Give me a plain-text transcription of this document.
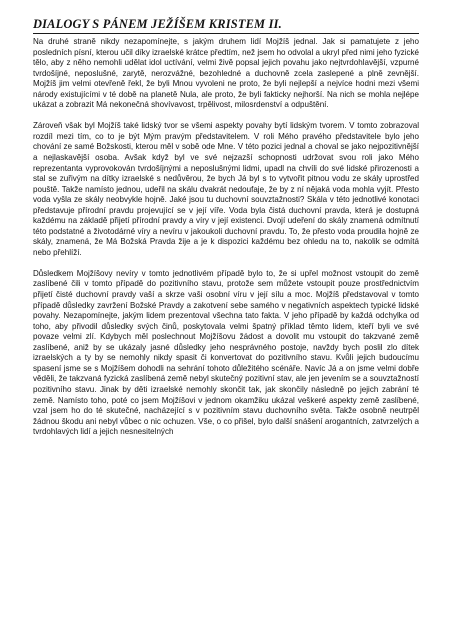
DIALOGY S PÁNEM JEŽÍŠEM KRISTEM II.

Na druhé straně nikdy nezapomínejte, s jakým druhem lidí Mojžíš jednal. Jak si pamatujete z jeho posledních písní, kterou učil díky izraelské krátce předtím, než jsem ho odvolal a ukryl před nimi jeho fyzické tělo, aby z něho nemohli udělat idol uctívání, velmi živě popsal jejich povahu jako nejtvrdohlavější, vzpurné tvrdošíjné, neposlušné, zarytě, nerozvážné, bezohledné a duchovně zcela zaslepené a plně zevnější. Mojžíš jim velmi otevřeně řekl, že byli Mnou vyvoleni ne proto, že byli nejlepší a nejvíce hodni mezi všemi národy existujícími v té době na planetě Nula, ale proto, že byli fakticky nejhorší. Na nich se mohla nejlépe ukázat a zobrazit Má nekonečná shovívavost, trpělivost, milosrdenství a odpuštění.

Zároveň však byl Mojžíš také lidský tvor se všemi aspekty povahy bytí lidským tvorem. V tomto zobrazoval rozdíl mezi tím, co to je být Mým pravým představitelem. V roli Mého pravého představitele bylo jeho chování ze samé Božskosti, kterou měl v sobě ode Mne. V této pozici jednal a choval se jako nejpozitivnější a nejlaskavější osoba. Avšak když byl ve své nejzazší schopnosti udržovat svou roli jako Mého reprezentanta vyprovokován tvrdošíjnými a neposlušnými lidmi, upadl na chvíli do své lidské přirozenosti a stal se zuřivým na dítky izraelské s nedůvěrou, že bych Já byl s to vytvořit pitnou vodu ze skály uprostřed pouště. Takže namísto jednou, udeřil na skálu dvakrát nedoufaje, že by z ní nějaká voda mohla vyjít. Přesto voda vyšla ze skály neobvykle hojně. Jaké jsou tu duchovní souvztažnosti? Skála v této jednotlivé konotaci představuje přírodní pravdu projevující se v její víře. Voda byla čistá duchovní pravda, která je dostupná každému na základě přijetí přírodní pravdy a víry v její existenci. Dvojí udeření do skály znamená odmítnutí této podstatné a životodárné víry a nevíru v jakoukoli duchovní pravdu. To, že přesto voda proudila hojně ze skály, znamená, že Má Božská Pravda žije a je k dispozici každému bez ohledu na to, nakolik se odmítá nebo přehlíží.

Důsledkem Mojžíšovy nevíry v tomto jednotlivém případě bylo to, že si upřel možnost vstoupit do země zaslíbené čili v tomto případě do pozitivního stavu, protože sem můžete vstoupit pouze prostřednictvím přijetí čisté duchovní pravdy vaší a skrze vaši osobní víru v její sílu a moc. Mojžíš představoval v tomto případě důsledky zavržení Božské Pravdy a zakotvení sebe samého v negativních aspektech typické lidské povahy. Nezapomínejte, jakým lidem prezentoval všechna tato fakta. V jeho případě by každá odchylka od toho, aby přivodil důsledky svých činů, poskytovala velmi špatný příklad těmto lidem, kteří byli ve své povaze velmi zlí. Kdybych měl poslechnout Mojžíšovu žádost a dovolit mu vstoupit do takzvané země zaslíbené, aniž by se ukázaly jasné důsledky jeho nesprávného postoje, navždy bych poslil zlo dítek izraelských a ty by se nemohly nikdy spasit či konvertovat do pozitivního stavu. Kvůli jejich budoucímu spasení jsme se s Mojžíšem dohodli na sehrání tohoto důležitého scénáře. Navíc Já a on jsme velmi dobře věděli, že takzvaná fyzická zaslíbená země nebyl skutečný pozitivní stav, ale jen jevením se a souvztažností pozitivního stavu. Jinak by děti izraelské nemohly skončit tak, jak skončily následně po jejich zabrání té země. Namísto toho, poté co jsem Mojžíšovi v jednom okamžiku ukázal veškeré aspekty země zaslíbené, vzal jsem ho do té skutečné, nacházející s v pozitivním stavu duchovního světa. Takže osobně neutrpěl žádnou škodu ani nebyl vůbec o nic ochuzen. Vše, o co přišel, bylo další snášení arogantních, zatvrzelých a tvrdohlavých lidí a jejich nesnesitelných
